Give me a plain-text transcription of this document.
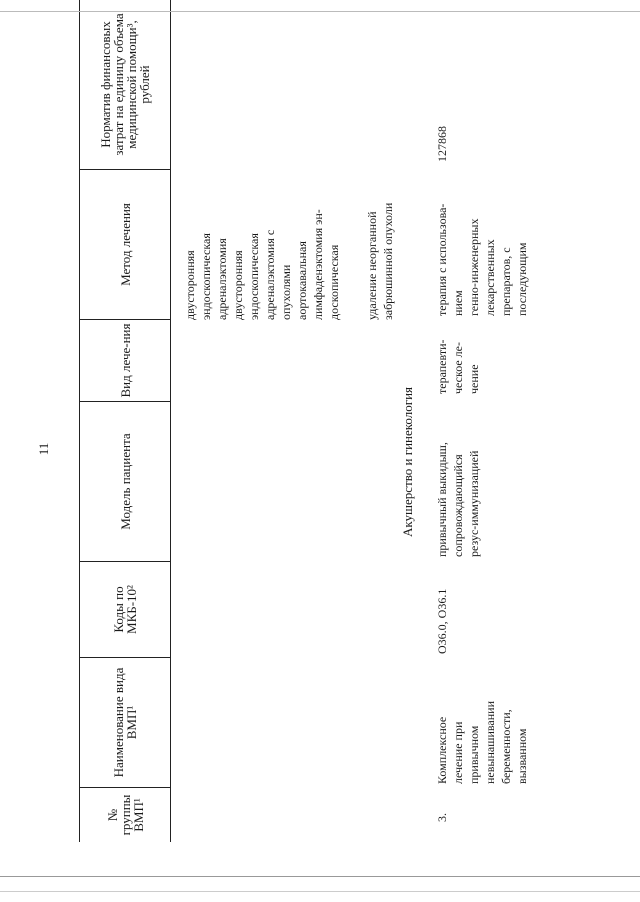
11
№ группы ВМП¹
Наименование вида ВМП¹
Коды по МКБ-10²
Модель пациента
Вид лече-ния
Метод лечения
Норматив финансовых затрат на единицу объема медицинской помощи³, рублей
двусторонняя
эндоскопическая
адреналэктомия
двусторонняя
эндоскопическая
адреналэктомия с
опухолями
аортокавальная
лимфаденэктомия эн-
доскопическая удаление неорганной
забрюшинной опухоли
Акушерство и гинекология
3.
Комплексное
лечение при
привычном
невынашивании
беременности,
вызванном
O36.0, O36.1
привычный выкидыш,
сопровождающийся
резус-иммунизацией
терапевти-
ческое ле-
чение
терапия с использова-
нием
генно-инженерных
лекарственных
препаратов, с
последующим
127868
